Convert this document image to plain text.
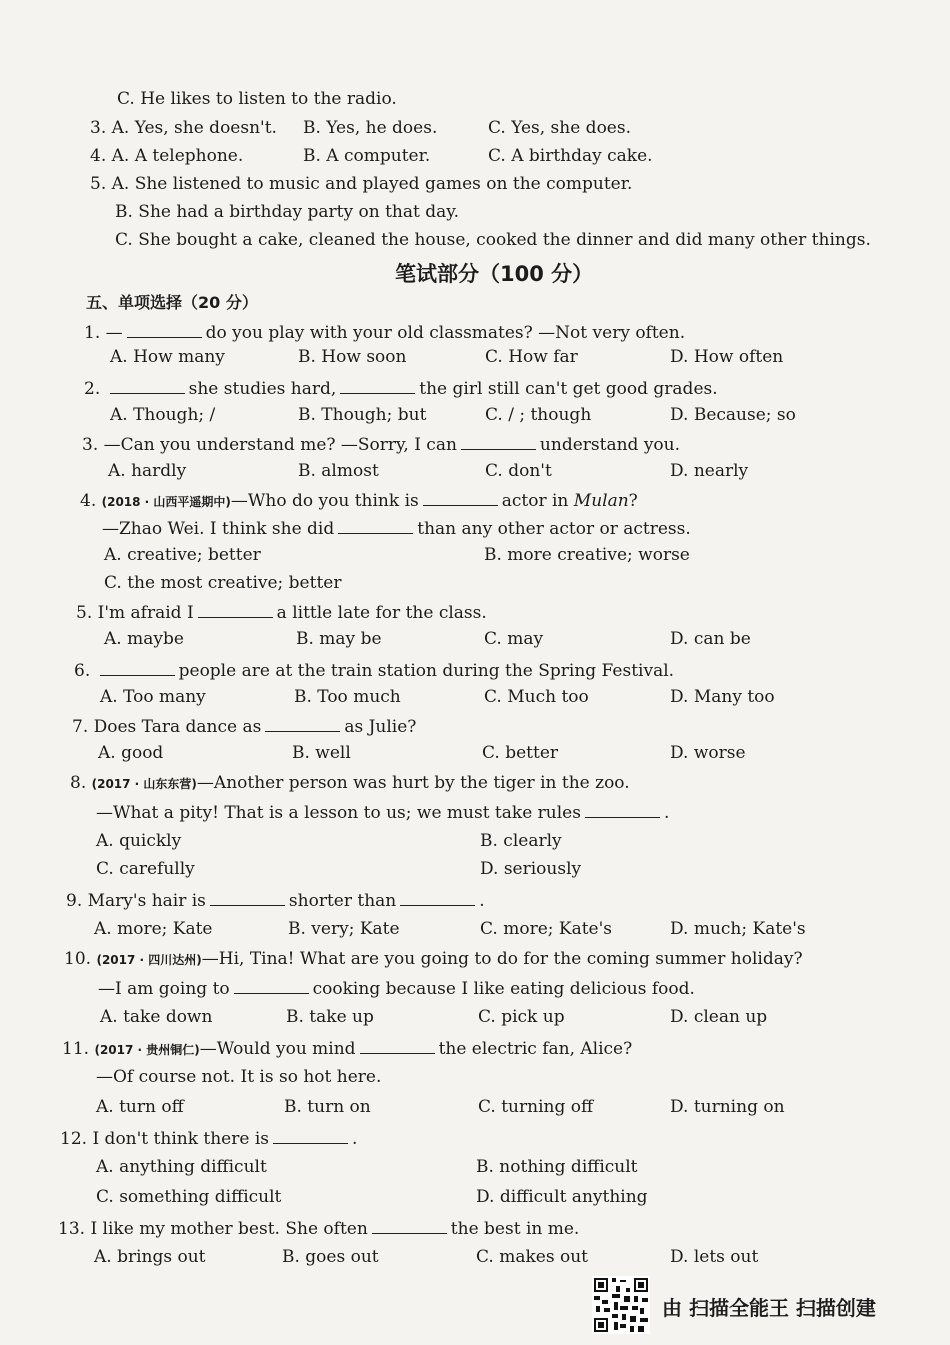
C. He likes to listen to the radio.
3. A. Yes, she doesn't. B. Yes, he does.	C. Yes, she does.
4. A. A telephone.	B. A computer.	C. A birthday cake.
5. A. She listened to music and played games on the computer.
B. She had a birthday party on that day.
C. She bought a cake, cleaned the house, cooked the dinner and did many other things.
笔试部分（100 分）
五、单项选择（20 分）
1. —	do you play with your old classmates? —Not very often.
A. How many	B. How soon	C. How far	D. How often
2.	she studies hard,	the girl still can't get good grades.
A. Though; /	B. Though; but	C. / ; though	D. Because; so
3. —Can you understand me? —Sorry, I can	understand you.
A. hardly	B. almost	C. don't	D. nearly
4. (2018 · 山西平遥期中)—Who do you think is	actor in Mulan?
—Zhao Wei. I think she did	than any other actor or actress.
A. creative; better	B. more creative; worse
C. the most creative; better
5. I'm afraid I	a little late for the class.
A. maybe	B. may be	C. may	D. can be
6.	people are at the train station during the Spring Festival.
A. Too many	B. Too much	C. Much too	D. Many too
7. Does Tara dance as	as Julie?
A. good	B. well	C. better	D. worse
8. (2017 · 山东东营)—Another person was hurt by the tiger in the zoo.
—What a pity! That is a lesson to us; we must take rules	.
A. quickly	B. clearly
C. carefully	D. seriously
9. Mary's hair is	shorter than	.
A. more; Kate	B. very; Kate	C. more; Kate's	D. much; Kate's
10. (2017 · 四川达州)—Hi, Tina! What are you going to do for the coming summer holiday?
—I am going to	cooking because I like eating delicious food.
A. take down	B. take up	C. pick up	D. clean up
11. (2017 · 贵州铜仁)—Would you mind	the electric fan, Alice?
—Of course not. It is so hot here.
A. turn off	B. turn on	C. turning off	D. turning on
12. I don't think there is	.
A. anything difficult	B. nothing difficult
C. something difficult	D. difficult anything
13. I like my mother best. She often	the best in me.
A. brings out	B. goes out	C. makes out	D. lets out
由 扫描全能王 扫描创建
